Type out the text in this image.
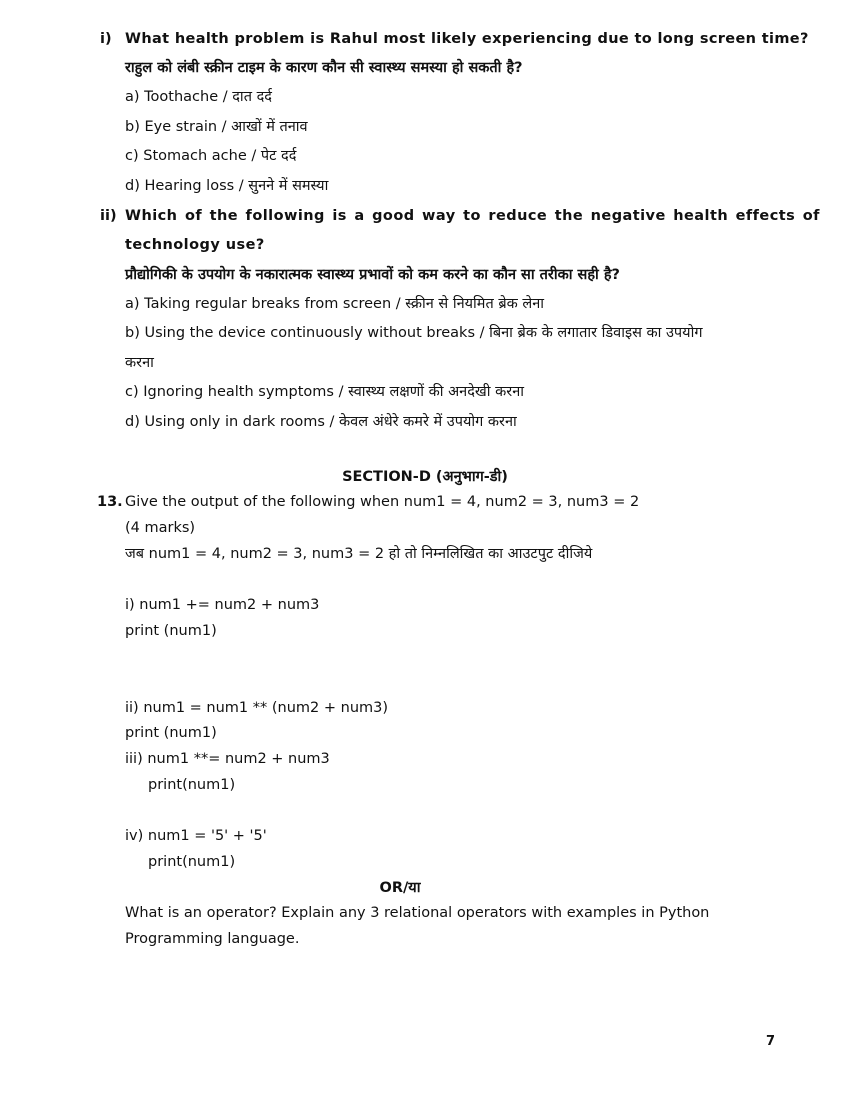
i) What health problem is Rahul most likely experiencing due to long screen time?
राहुल को लंबी स्क्रीन टाइम के कारण कौन सी स्वास्थ्य समस्या हो सकती है?
a) Toothache / दात दर्द
b) Eye strain / आखों में तनाव
c) Stomach ache / पेट दर्द
d) Hearing loss / सुनने में समस्या
ii) Which of the following is a good way to reduce the negative health effects of
technology use?
प्रौद्योगिकी के उपयोग के नकारात्मक स्वास्थ्य प्रभावों को कम करने का कौन सा तरीका सही है?
a) Taking regular breaks from screen / स्क्रीन से नियमित ब्रेक लेना
b) Using the device continuously without breaks / बिना ब्रेक के लगातार डिवाइस का उपयोग
करना
c) Ignoring health symptoms / स्वास्थ्य लक्षणों की अनदेखी करना
d) Using only in dark rooms / केवल अंधेरे कमरे में उपयोग करना
SECTION-D (अनुभाग-डी)
13. Give the output of the following when num1 = 4, num2 = 3, num3 = 2
(4 marks)
जब num1 = 4, num2 = 3, num3 = 2 हो तो निम्नलिखित का आउटपुट दीजिये
i) num1 += num2 + num3
print (num1)
ii) num1 = num1 ** (num2 + num3)
print (num1)
iii) num1 **= num2 + num3
print(num1)
iv) num1 = '5' + '5'
print(num1)
OR/या
What is an operator? Explain any 3 relational operators with examples in Python
Programming language.
7
